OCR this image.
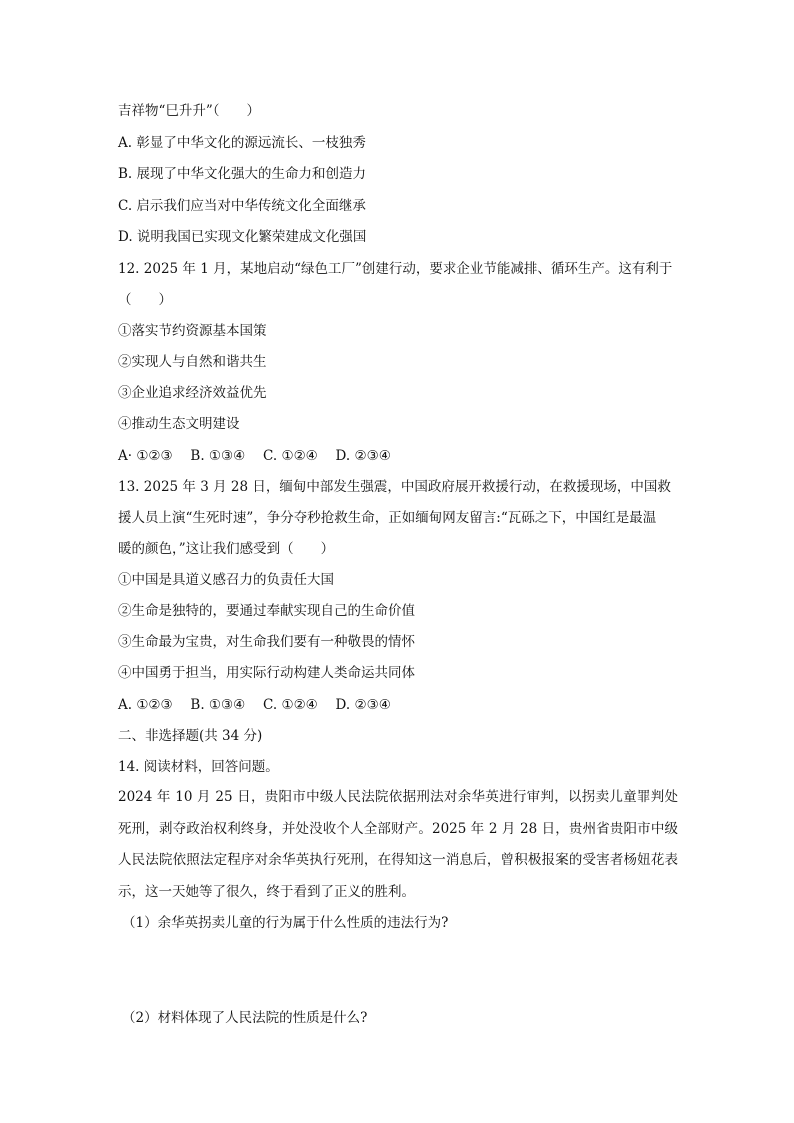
吉祥物“巳升升”（　　）
A. 彰显了中华文化的源远流长、一枝独秀
B. 展现了中华文化强大的生命力和创造力
C. 启示我们应当对中华传统文化全面继承
D. 说明我国已实现文化繁荣建成文化强国
12. 2025 年 1 月，某地启动“绿色工厂”创建行动，要求企业节能减排、循环生产。这有利于
（　　）
①落实节约资源基本国策
②实现人与自然和谐共生
③企业追求经济效益优先
④推动生态文明建设
A· ①②③　 B. ①③④　 C. ①②④　 D. ②③④
13. 2025 年 3 月 28 日，缅甸中部发生强震，中国政府展开救援行动，在救援现场，中国救
援人员上演“生死时速”，争分夺秒抢救生命，正如缅甸网友留言:“瓦砾之下，中国红是最温
暖的颜色，”这让我们感受到（　　）
①中国是具道义感召力的负责任大国
②生命是独特的，要通过奉献实现自己的生命价值
③生命最为宝贵，对生命我们要有一种敬畏的情怀
④中国勇于担当，用实际行动构建人类命运共同体
A. ①②③　 B. ①③④　 C. ①②④　 D. ②③④
二、非选择题(共 34 分)
14. 阅读材料，回答问题。
2024 年 10 月 25 日，贵阳市中级人民法院依据刑法对余华英进行审判，以拐卖儿童罪判处死刑，剥夺政治权利终身，并处没收个人全部财产。2025 年 2 月 28 日，贵州省贵阳市中级人民法院依照法定程序对余华英执行死刑，在得知这一消息后，曾积极报案的受害者杨妞花表示，这一天她等了很久，终于看到了正义的胜利。
（1）余华英拐卖儿童的行为属于什么性质的违法行为?
（2）材料体现了人民法院的性质是什么?
